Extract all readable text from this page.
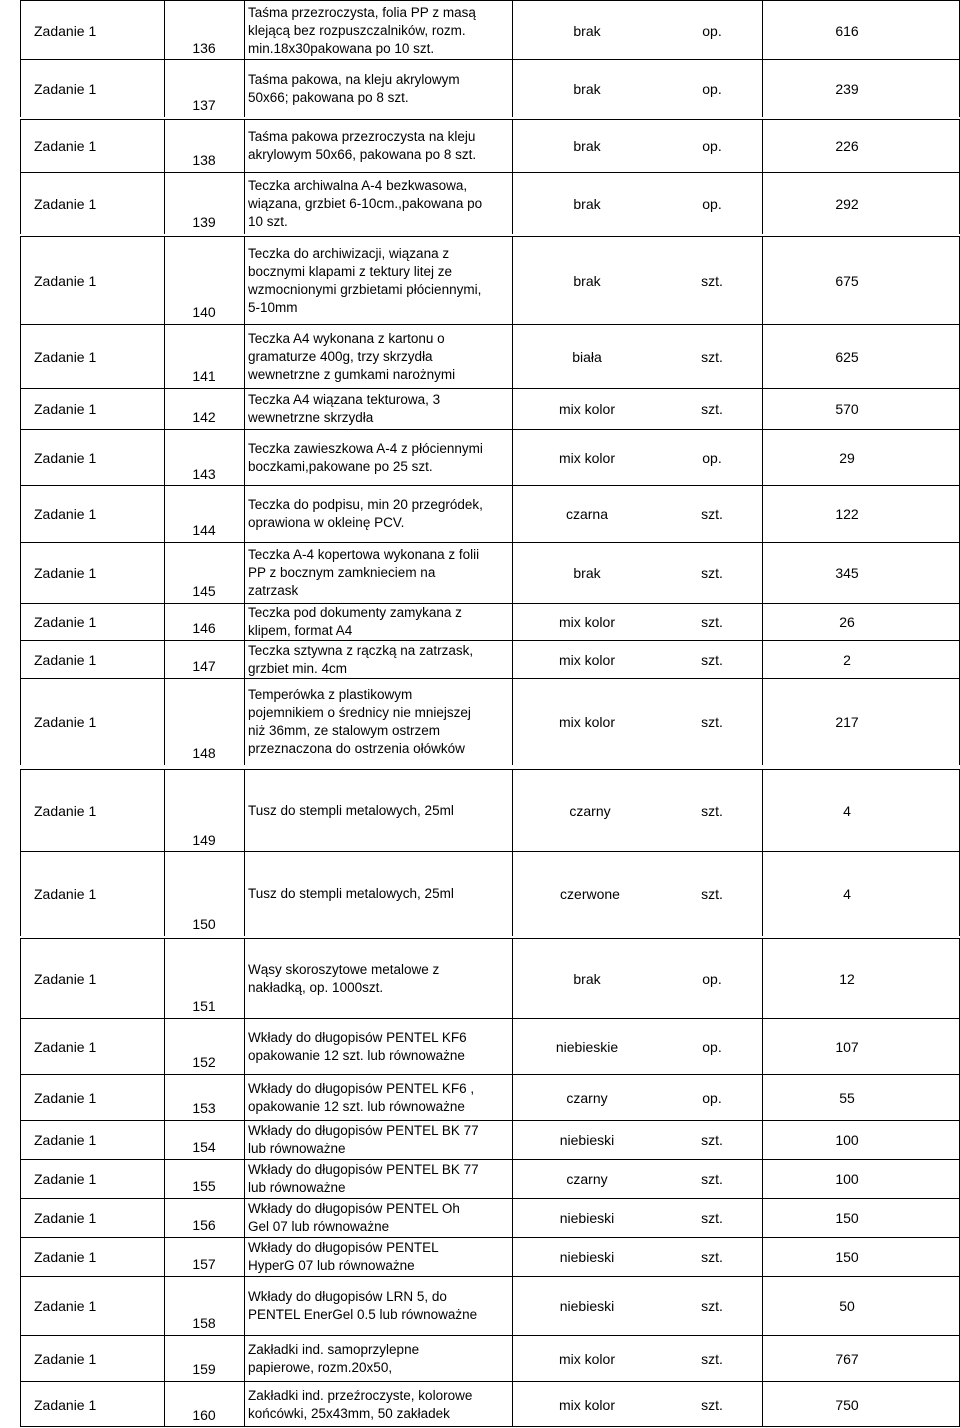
Zadanie 1
136
Taśma przezroczysta, folia PP z masą
klejącą bez rozpuszczalników, rozm.
min.18x30pakowana po 10 szt.
brak	op.	616
Zadanie 1
137
Taśma pakowa, na kleju akrylowym
50x66; pakowana po 8 szt.
brak	op.	239
Zadanie 1
138
Taśma pakowa przezroczysta na kleju
akrylowym 50x66, pakowana po 8 szt.
brak	op.	226
Zadanie 1
139
Teczka archiwalna A-4 bezkwasowa,
wiązana, grzbiet 6-10cm.,pakowana po
10 szt.
brak	op.	292
Zadanie 1
140
Teczka do archiwizacji, wiązana z
bocznymi klapami z tektury litej ze
wzmocnionymi grzbietami płóciennymi,
5-10mm
brak	szt.	675
Zadanie 1
141
Teczka A4 wykonana z kartonu o
gramaturze 400g, trzy skrzydła
wewnetrzne z gumkami narożnymi
biała	szt.	625
Zadanie 1	142
Teczka A4 wiązana tekturowa, 3
wewnetrzne skrzydła
mix kolor	szt.	570
Zadanie 1
143
Teczka zawieszkowa A-4 z płóciennymi
boczkami,pakowane po 25 szt.
mix kolor	op.	29
Zadanie 1
144
Teczka do podpisu, min 20 przegródek,
oprawiona w okleinę PCV.
czarna	szt.	122
Zadanie 1
145
Teczka A-4 kopertowa wykonana z folii
PP z bocznym zamknieciem na
zatrzask
brak	szt.	345
Zadanie 1	146
Teczka pod dokumenty zamykana z
klipem, format A4
mix kolor	szt.	26
Zadanie 1	147
Teczka sztywna z rączką na zatrzask,
grzbiet min. 4cm
mix kolor	szt.	2
Zadanie 1
148
Temperówka z plastikowym
pojemnikiem o średnicy nie mniejszej
niż 36mm, ze stalowym ostrzem
przeznaczona do ostrzenia ołówków
mix kolor	szt.	217
Zadanie 1
149
Tusz do stempli metalowych, 25ml	czarny	szt.	4
Zadanie 1
150
Tusz do stempli metalowych, 25ml	czerwone	szt.	4
Zadanie 1
151
Wąsy skoroszytowe metalowe z
nakładką, op. 1000szt.
brak	op.	12
Zadanie 1
152
Wkłady do długopisów PENTEL KF6
opakowanie 12 szt. lub równoważne
niebieskie	op.	107
Zadanie 1
153
Wkłady do długopisów PENTEL KF6 ,
opakowanie 12 szt. lub równoważne
czarny	op.	55
Zadanie 1	154
Wkłady do długopisów PENTEL BK 77
lub równoważne
niebieski	szt.	100
Zadanie 1	155
Wkłady do długopisów PENTEL BK 77
lub równoważne
czarny	szt.	100
Zadanie 1	156
Wkłady do długopisów PENTEL Oh
Gel 07 lub równoważne
niebieski	szt.	150
Zadanie 1	157
Wkłady do długopisów PENTEL
HyperG 07 lub równoważne
niebieski	szt.	150
Zadanie 1
158
Wkłady do długopisów LRN 5, do
PENTEL EnerGel 0.5 lub równoważne
niebieski	szt.	50
Zadanie 1
159
Zakładki ind. samoprzylepne
papierowe, rozm.20x50,
mix kolor	szt.	767
Zadanie 1
160
Zakładki ind. przeźroczyste, kolorowe
końcówki, 25x43mm, 50 zakładek
mix kolor	szt.	750
